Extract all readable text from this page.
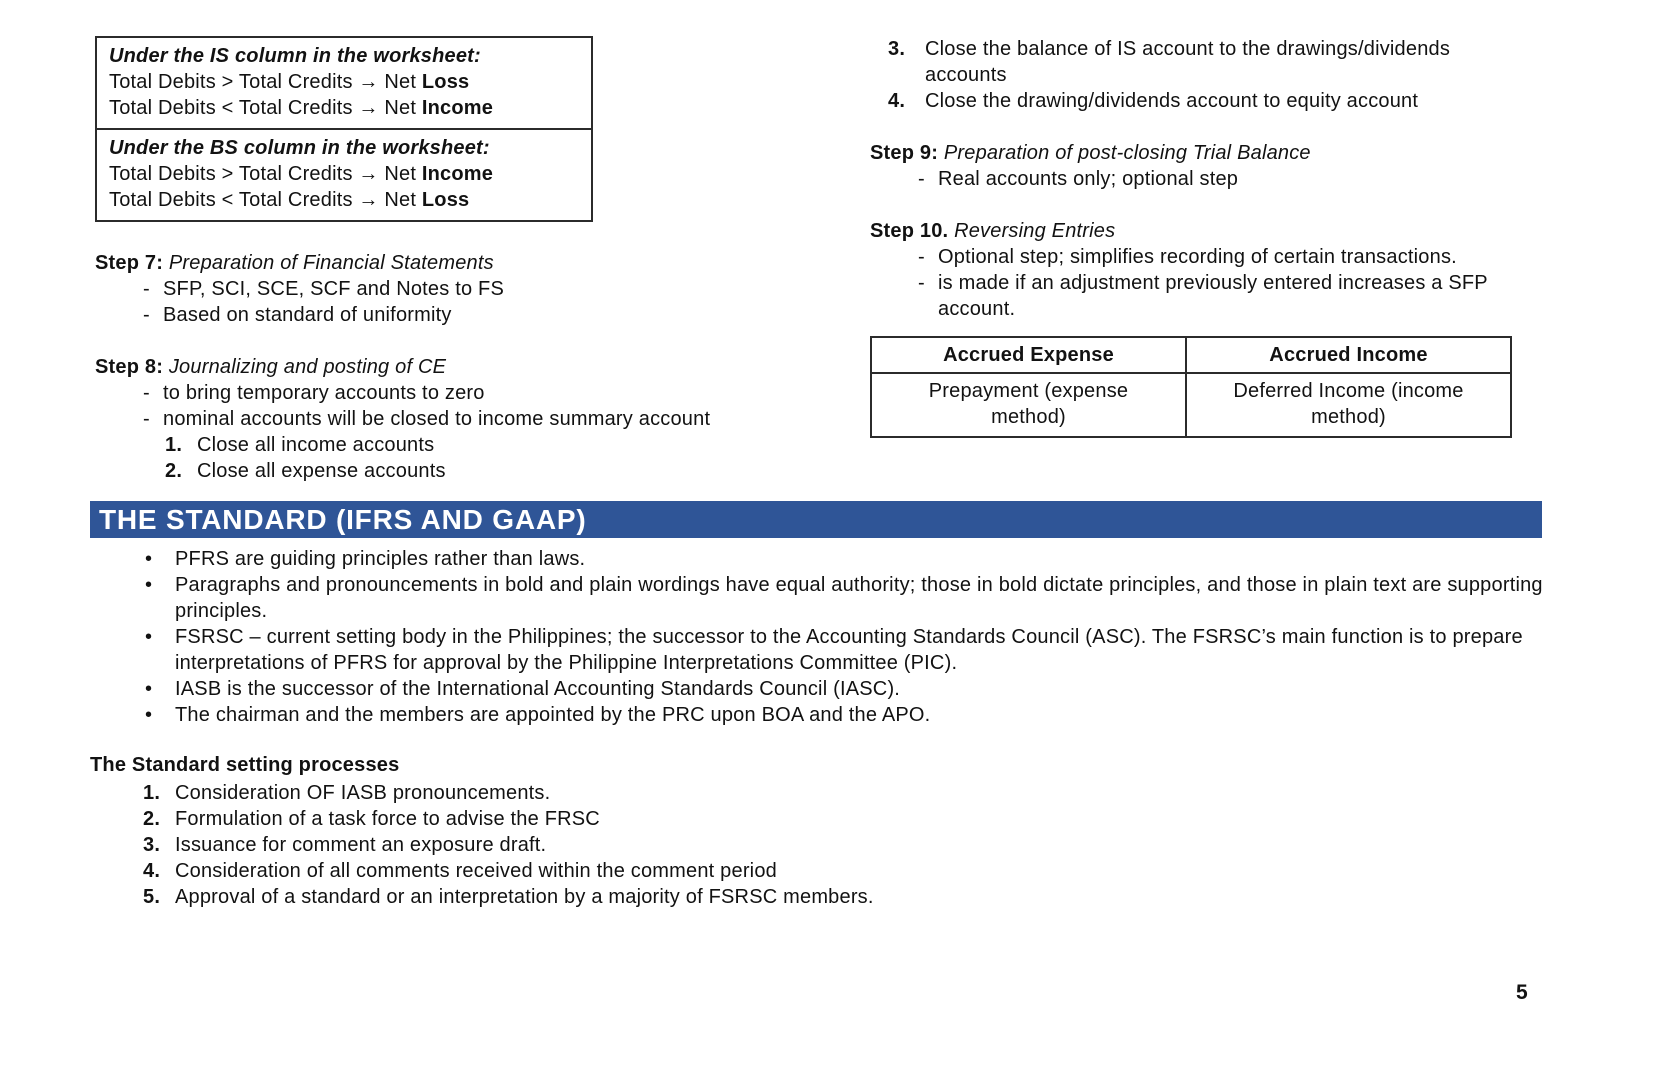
Under the IS column in the worksheet:
Total Debits > Total Credits → Net Loss
Total Debits < Total Credits → Net Income
Under the BS column in the worksheet:
Total Debits > Total Credits → Net Income
Total Debits < Total Credits → Net Loss
Step 7: Preparation of Financial Statements
- SFP, SCI, SCE, SCF and Notes to FS
- Based on standard of uniformity
Step 8: Journalizing and posting of CE
- to bring temporary accounts to zero
- nominal accounts will be closed to income summary account
1. Close all income accounts
2. Close all expense accounts
3. Close the balance of IS account to the drawings/dividends accounts
4. Close the drawing/dividends account to equity account
Step 9: Preparation of post-closing Trial Balance
- Real accounts only; optional step
Step 10. Reversing Entries
- Optional step; simplifies recording of certain transactions.
- is made if an adjustment previously entered increases a SFP account.
Accrued Expense	Accrued Income
Prepayment (expense method)	Deferred Income (income method)
THE STANDARD (IFRS AND GAAP)
• PFRS are guiding principles rather than laws.
• Paragraphs and pronouncements in bold and plain wordings have equal authority; those in bold dictate principles, and those in plain text are supporting principles.
• FSRSC – current setting body in the Philippines; the successor to the Accounting Standards Council (ASC). The FSRSC’s main function is to prepare interpretations of PFRS for approval by the Philippine Interpretations Committee (PIC).
• IASB is the successor of the International Accounting Standards Council (IASC).
• The chairman and the members are appointed by the PRC upon BOA and the APO.
The Standard setting processes
1. Consideration OF IASB pronouncements.
2. Formulation of a task force to advise the FRSC
3. Issuance for comment an exposure draft.
4. Consideration of all comments received within the comment period
5. Approval of a standard or an interpretation by a majority of FSRSC members.
5
